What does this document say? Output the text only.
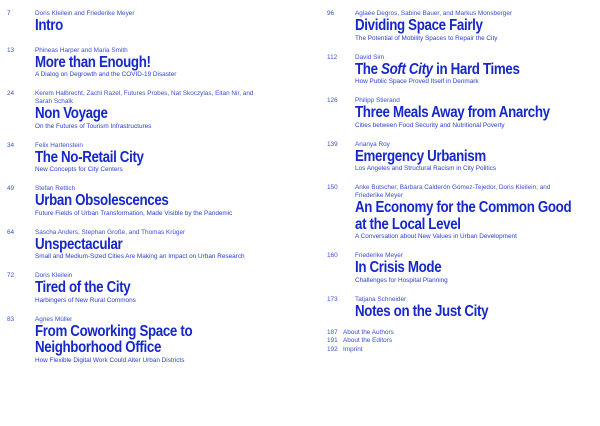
7	Doris Kleilein and Friederike Meyer
Intro
13	Phineas Harper and Maria Smith
More than Enough!
A Dialog on Degrowth and the COVID-19 Disaster
24	Kerem Halbrecht, Zachi Razel, Futures Probes, Nat Skoczylas, Eitan Nir, and Sarah Schalk
Non Voyage
On the Futures of Tourism Infrastructures
34	Felix Hartenstein
The No-Retail City
New Concepts for City Centers
49	Stefan Rettich
Urban Obsolescences
Future Fields of Urban Transformation, Made Visible by the Pandemic
64	Sascha Anders, Stephan Große, and Thomas Krüger
Unspectacular
Small and Medium-Sized Cities Are Making an Impact on Urban Research
72	Doris Kleilein
Tired of the City
Harbingers of New Rural Commons
83	Agnes Müller
From Coworking Space to Neighborhood Office
How Flexible Digital Work Could Alter Urban Districts
96	Aglaée Degros, Sabine Bauer, and Markus Monsberger
Dividing Space Fairly
The Potential of Mobility Spaces to Repair the City
112	David Sim
The Soft City in Hard Times
How Public Space Proved Itself in Denmark
126	Philipp Stierand
Three Meals Away from Anarchy
Cities between Food Security and Nutritional Poverty
139	Ananya Roy
Emergency Urbanism
Los Angeles and Structural Racism in City Politics
150	Anke Butscher, Bárbara Calderón Gómez-Tejedor, Doris Kleilein, and Friederike Meyer
An Economy for the Common Good
at the Local Level
A Conversation about New Values in Urban Development
160	Friederike Meyer
In Crisis Mode
Challenges for Hospital Planning
173	Tatjana Schneider
Notes on the Just City
187 About the Authors
191 About the Editors
192 Imprint
